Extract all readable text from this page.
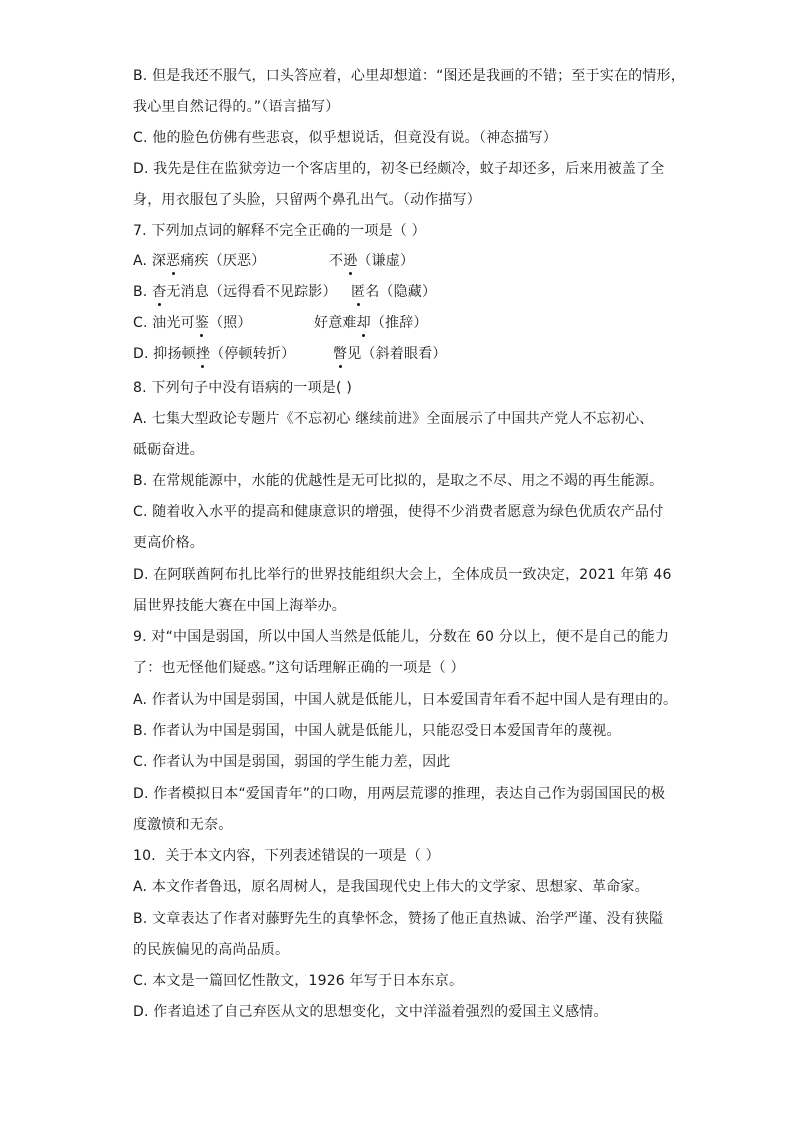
B. 但是我还不服气，口头答应着，心里却想道：“图还是我画的不错；至于实在的情形，
我心里自然记得的。”（语言描写）
C. 他的脸色仿佛有些悲哀，似乎想说话，但竟没有说。（神态描写）
D. 我先是住在监狱旁边一个客店里的，初冬已经颇冷，蚊子却还多，后来用被盖了全
身，用衣服包了头脸，只留两个鼻孔出气。（动作描写）
7. 下列加点词的解释不完全正确的一项是（ ）
A. 深恶痛疾（厌恶）	不逊（谦虚）
B. 杳无消息（远得看不见踪影） 匿名（隐藏）
C. 油光可鉴（照）	好意难却（推辞）
D. 抑扬顿挫（停顿转折）	瞥见（斜着眼看）
8. 下列句子中没有语病的一项是( )
A. 七集大型政论专题片《不忘初心 继续前进》全面展示了中国共产党人不忘初心、
砥砺奋进。
B. 在常规能源中，水能的优越性是无可比拟的，是取之不尽、用之不竭的再生能源。
C. 随着收入水平的提高和健康意识的增强，使得不少消费者愿意为绿色优质农产品付
更高价格。
D. 在阿联酋阿布扎比举行的世界技能组织大会上，全体成员一致决定，2021 年第 46
届世界技能大赛在中国上海举办。
9. 对“中国是弱国，所以中国人当然是低能儿，分数在 60 分以上，便不是自己的能力
了：也无怪他们疑惑。”这句话理解正确的一项是（ ）
A. 作者认为中国是弱国，中国人就是低能儿，日本爱国青年看不起中国人是有理由的。
B. 作者认为中国是弱国，中国人就是低能儿，只能忍受日本爱国青年的蔑视。
C. 作者认为中国是弱国，弱国的学生能力差，因此
D. 作者模拟日本“爱国青年”的口吻，用两层荒谬的推理，表达自己作为弱国国民的极
度激愤和无奈。
10．关于本文内容，下列表述错误的一项是（ ）
A. 本文作者鲁迅，原名周树人，是我国现代史上伟大的文学家、思想家、革命家。
B. 文章表达了作者对藤野先生的真挚怀念，赞扬了他正直热诚、治学严谨、没有狭隘
的民族偏见的高尚品质。
C. 本文是一篇回忆性散文，1926 年写于日本东京。
D. 作者追述了自己弃医从文的思想变化，文中洋溢着强烈的爱国主义感情。
